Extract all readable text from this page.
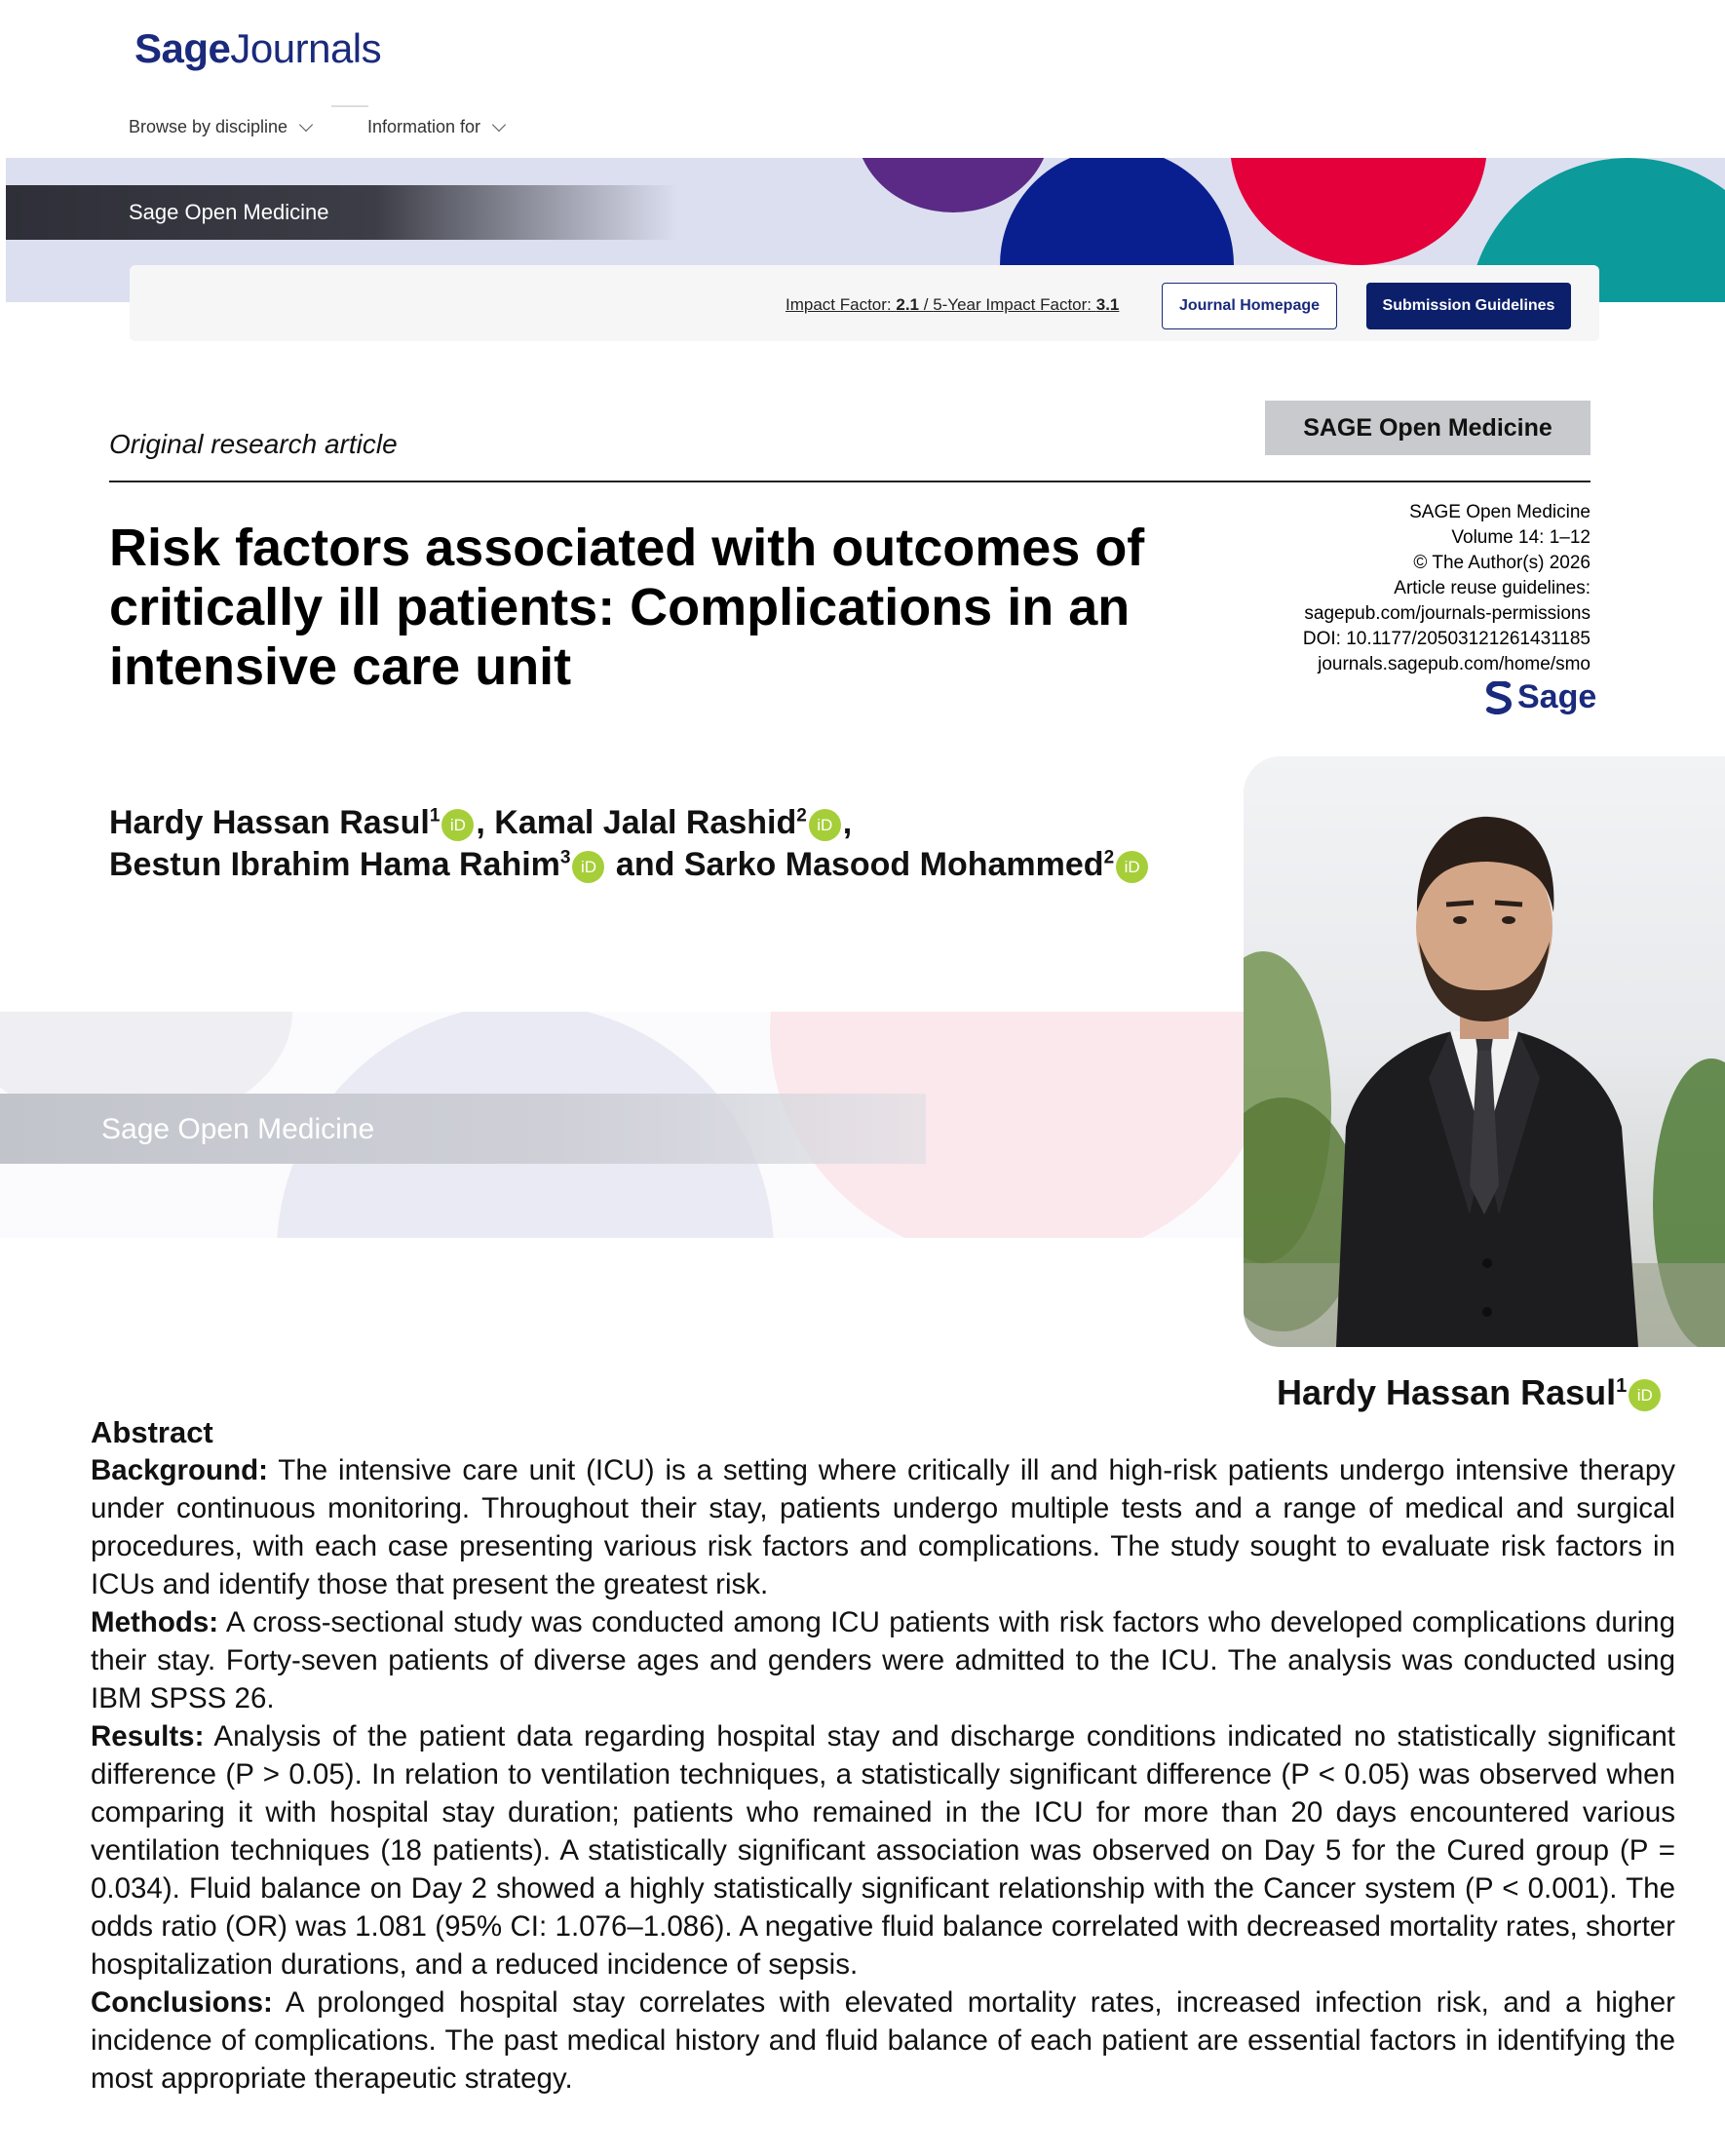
SageJournals
Browse by discipline	Information for
Sage Open Medicine
Impact Factor: 2.1 / 5-Year Impact Factor: 3.1	Journal Homepage	Submission Guidelines
Original research article
SAGE Open Medicine
Risk factors associated with outcomes of critically ill patients: Complications in an intensive care unit
SAGE Open Medicine
Volume 14: 1–12
© The Author(s) 2026
Article reuse guidelines:
sagepub.com/journals-permissions
DOI: 10.1177/20503121261431185
journals.sagepub.com/home/smo
Sage
Hardy Hassan Rasul$^1$ iD , Kamal Jalal Rashid$^2$ iD ,
Bestun Ibrahim Hama Rahim$^3$ iD and Sarko Masood Mohammed$^2$ iD
Sage Open Medicine
Hardy Hassan Rasul$^1$ iD
Abstract

Background: The intensive care unit (ICU) is a setting where critically ill and high-risk patients undergo intensive therapy under continuous monitoring. Throughout their stay, patients undergo multiple tests and a range of medical and surgical procedures, with each case presenting various risk factors and complications. The study sought to evaluate risk factors in ICUs and identify those that present the greatest risk.

Methods: A cross-sectional study was conducted among ICU patients with risk factors who developed complications during their stay. Forty-seven patients of diverse ages and genders were admitted to the ICU. The analysis was conducted using IBM SPSS 26.

Results: Analysis of the patient data regarding hospital stay and discharge conditions indicated no statistically significant difference (P > 0.05). In relation to ventilation techniques, a statistically significant difference (P < 0.05) was observed when comparing it with hospital stay duration; patients who remained in the ICU for more than 20 days encountered various ventilation techniques (18 patients). A statistically significant association was observed on Day 5 for the Cured group (P = 0.034). Fluid balance on Day 2 showed a highly statistically significant relationship with the Cancer system (P < 0.001). The odds ratio (OR) was 1.081 (95% CI: 1.076–1.086). A negative fluid balance correlated with decreased mortality rates, shorter hospitalization durations, and a reduced incidence of sepsis.

Conclusions: A prolonged hospital stay correlates with elevated mortality rates, increased infection risk, and a higher incidence of complications. The past medical history and fluid balance of each patient are essential factors in identifying the most appropriate therapeutic strategy.
